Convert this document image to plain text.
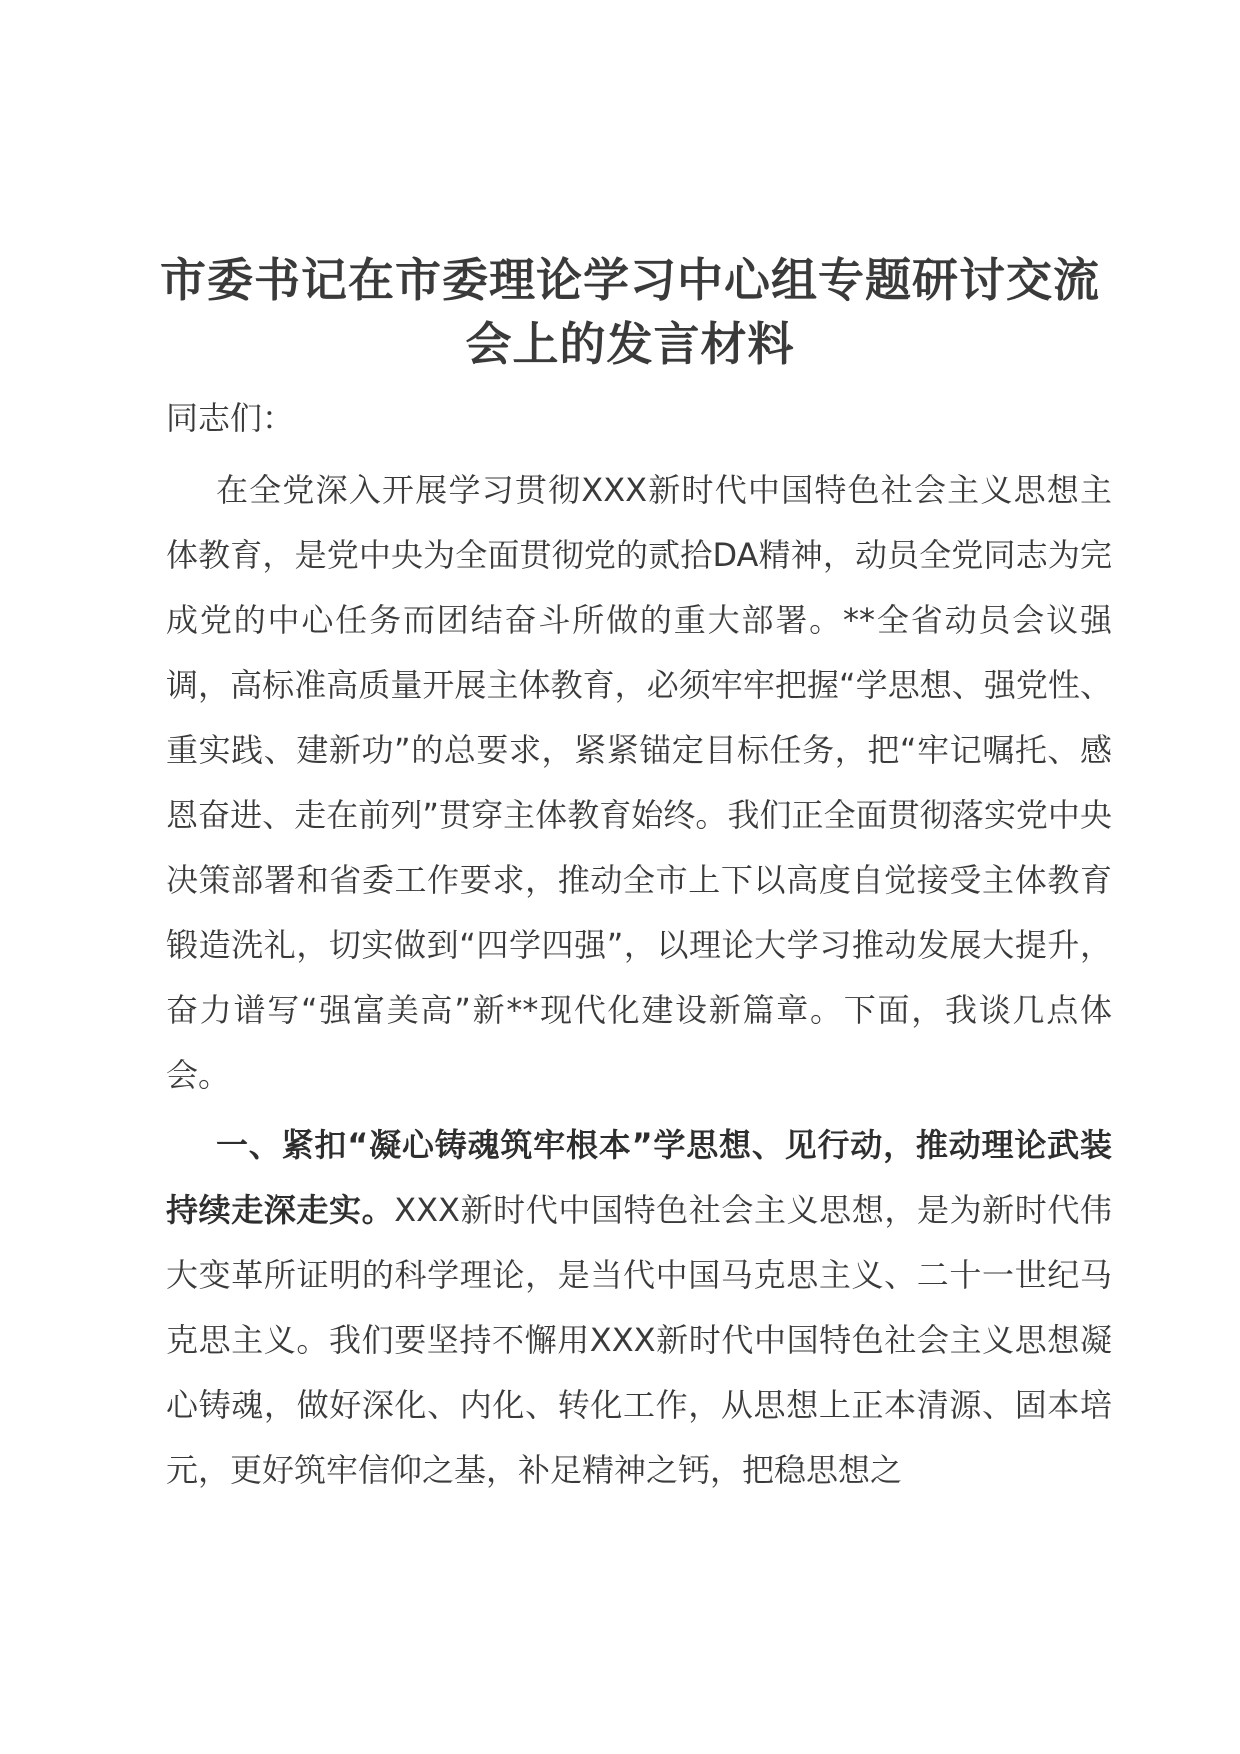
市委书记在市委理论学习中心组专题研讨交流会上的发言材料

同志们：

在全党深入开展学习贯彻XXX新时代中国特色社会主义思想主体教育，是党中央为全面贯彻党的贰拾DA精神，动员全党同志为完成党的中心任务而团结奋斗所做的重大部署。**全省动员会议强调，高标准高质量开展主体教育，必须牢牢把握“学思想、强党性、重实践、建新功”的总要求，紧紧锚定目标任务，把“牢记嘱托、感恩奋进、走在前列”贯穿主体教育始终。我们正全面贯彻落实党中央决策部署和省委工作要求，推动全市上下以高度自觉接受主体教育锻造洗礼，切实做到“四学四强”，以理论大学习推动发展大提升，奋力谱写“强富美高”新**现代化建设新篇章。下面，我谈几点体会。

一、紧扣“凝心铸魂筑牢根本”学思想、见行动，推动理论武装持续走深走实。XXX新时代中国特色社会主义思想，是为新时代伟大变革所证明的科学理论，是当代中国马克思主义、二十一世纪马克思主义。我们要坚持不懈用XXX新时代中国特色社会主义思想凝心铸魂，做好深化、内化、转化工作，从思想上正本清源、固本培元，更好筑牢信仰之基，补足精神之钙，把稳思想之
